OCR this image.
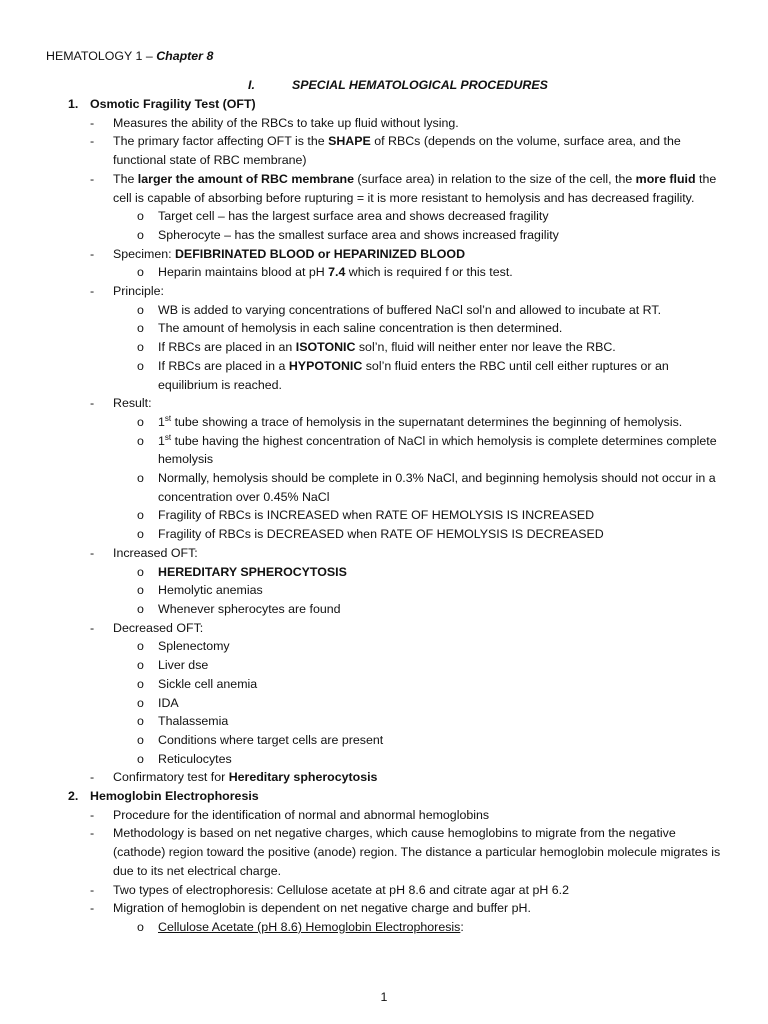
HEMATOLOGY 1 – Chapter 8
I.	SPECIAL HEMATOLOGICAL PROCEDURES
1. Osmotic Fragility Test (OFT)
- Measures the ability of the RBCs to take up fluid without lysing.
- The primary factor affecting OFT is the SHAPE of RBCs (depends on the volume, surface area, and the functional state of RBC membrane)
- The larger the amount of RBC membrane (surface area) in relation to the size of the cell, the more fluid the cell is capable of absorbing before rupturing = it is more resistant to hemolysis and has decreased fragility.
o Target cell – has the largest surface area and shows decreased fragility
o Spherocyte – has the smallest surface area and shows increased fragility
- Specimen: DEFIBRINATED BLOOD or HEPARINIZED BLOOD
o Heparin maintains blood at pH 7.4 which is required f or this test.
- Principle:
o WB is added to varying concentrations of buffered NaCl sol’n and allowed to incubate at RT.
o The amount of hemolysis in each saline concentration is then determined.
o If RBCs are placed in an ISOTONIC sol’n, fluid will neither enter nor leave the RBC.
o If RBCs are placed in a HYPOTONIC sol’n fluid enters the RBC until cell either ruptures or an equilibrium is reached.
- Result:
o 1st tube showing a trace of hemolysis in the supernatant determines the beginning of hemolysis.
o 1st tube having the highest concentration of NaCl in which hemolysis is complete determines complete hemolysis
o Normally, hemolysis should be complete in 0.3% NaCl, and beginning hemolysis should not occur in a concentration over 0.45% NaCl
o Fragility of RBCs is INCREASED when RATE OF HEMOLYSIS IS INCREASED
o Fragility of RBCs is DECREASED when RATE OF HEMOLYSIS IS DECREASED
- Increased OFT:
o HEREDITARY SPHEROCYTOSIS
o Hemolytic anemias
o Whenever spherocytes are found
- Decreased OFT:
o Splenectomy
o Liver dse
o Sickle cell anemia
o IDA
o Thalassemia
o Conditions where target cells are present
o Reticulocytes
- Confirmatory test for Hereditary spherocytosis
2. Hemoglobin Electrophoresis
- Procedure for the identification of normal and abnormal hemoglobins
- Methodology is based on net negative charges, which cause hemoglobins to migrate from the negative (cathode) region toward the positive (anode) region. The distance a particular hemoglobin molecule migrates is due to its net electrical charge.
- Two types of electrophoresis: Cellulose acetate at pH 8.6 and citrate agar at pH 6.2
- Migration of hemoglobin is dependent on net negative charge and buffer pH.
o Cellulose Acetate (pH 8.6) Hemoglobin Electrophoresis:
1
